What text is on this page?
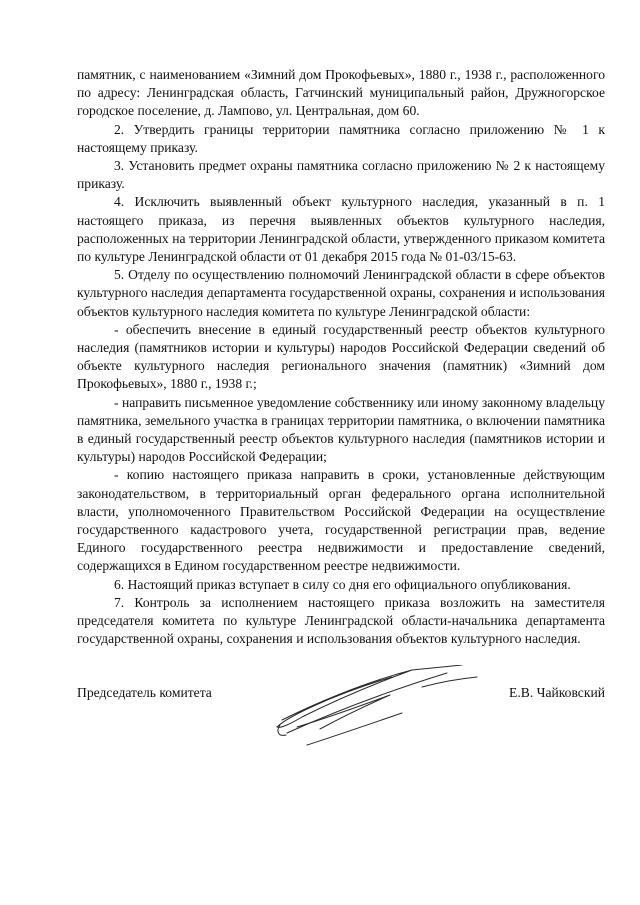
памятник, с наименованием «Зимний дом Прокофьевых», 1880 г., 1938 г., расположенного по адресу: Ленинградская область, Гатчинский муниципальный район, Дружногорское городское поселение, д. Лампово, ул. Центральная, дом 60.

2. Утвердить границы территории памятника согласно приложению № 1 к настоящему приказу.

3. Установить предмет охраны памятника согласно приложению № 2 к настоящему приказу.

4. Исключить выявленный объект культурного наследия, указанный в п. 1 настоящего приказа, из перечня выявленных объектов культурного наследия, расположенных на территории Ленинградской области, утвержденного приказом комитета по культуре Ленинградской области от 01 декабря 2015 года № 01-03/15-63.

5. Отделу по осуществлению полномочий Ленинградской области в сфере объектов культурного наследия департамента государственной охраны, сохранения и использования объектов культурного наследия комитета по культуре Ленинградской области:

- обеспечить внесение в единый государственный реестр объектов культурного наследия (памятников истории и культуры) народов Российской Федерации сведений об объекте культурного наследия регионального значения (памятник) «Зимний дом Прокофьевых», 1880 г., 1938 г.;

- направить письменное уведомление собственнику или иному законному владельцу памятника, земельного участка в границах территории памятника, о включении памятника в единый государственный реестр объектов культурного наследия (памятников истории и культуры) народов Российской Федерации;

- копию настоящего приказа направить в сроки, установленные действующим законодательством, в территориальный орган федерального органа исполнительной власти, уполномоченного Правительством Российской Федерации на осуществление государственного кадастрового учета, государственной регистрации прав, ведение Единого государственного реестра недвижимости и предоставление сведений, содержащихся в Едином государственном реестре недвижимости.

6. Настоящий приказ вступает в силу со дня его официального опубликования.

7. Контроль за исполнением настоящего приказа возложить на заместителя председателя комитета по культуре Ленинградской области-начальника департамента государственной охраны, сохранения и использования объектов культурного наследия.

Председатель комитета	Е.В. Чайковский
